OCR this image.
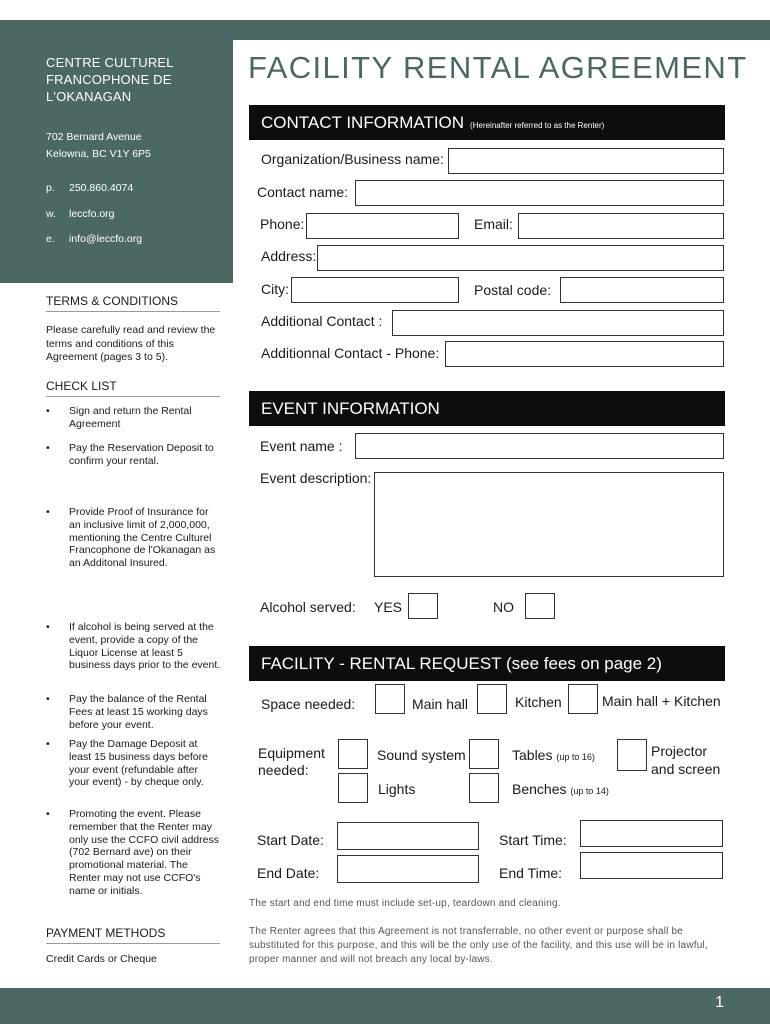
CENTRE CULTUREL
FRANCOPHONE DE
L'OKANAGAN
702 Bernard Avenue
Kelowna, BC V1Y 6P5
p. 250.860.4074
w. leccfo.org
e. info@leccfo.org
TERMS & CONDITIONS
Please carefully read and review the terms and conditions of this Agreement (pages 3 to 5).
CHECK LIST
• Sign and return the Rental Agreement
• Pay the Reservation Deposit to confirm your rental.
• Provide Proof of Insurance for an inclusive limit of 2,000,000, mentioning the Centre Culturel Francophone de l'Okanagan as an Additonal Insured.
• If alcohol is being served at the event, provide a copy of the Liquor License at least 5 business days prior to the event.
• Pay the balance of the Rental Fees at least 15 working days before your event.
• Pay the Damage Deposit at least 15 business days before your event (refundable after your event) - by cheque only.
• Promoting the event. Please remember that the Renter may only use the CCFO civil address (702 Bernard ave) on their promotional material. The Renter may not use CCFO's name or initials.
PAYMENT METHODS
Credit Cards or Cheque
FACILITY RENTAL AGREEMENT
CONTACT INFORMATION (Hereinafter referred to as the Renter)
Organization/Business name:
Contact name:
Phone:	Email:
Address:
City:	Postal code:
Additional Contact :
Additionnal Contact - Phone:
EVENT INFORMATION
Event name :
Event description:
Alcohol served: YES	NO
FACILITY - RENTAL REQUEST (see fees on page 2)
Space needed:	Main hall	Kitchen	Main hall + Kitchen
Equipment
needed:
Sound system	Tables (up to 16)	Projector
and screen
Lights	Benches (up to 14)
Start Date:	Start Time:
End Date:	End Time:
The start and end time must include set-up, teardown and cleaning.
The Renter agrees that this Agreement is not transferrable, no other event or purpose shall be substituted for this purpose, and this will be the only use of the facility, and this use will be in lawful, proper manner and will not breach any local by-laws.
1
